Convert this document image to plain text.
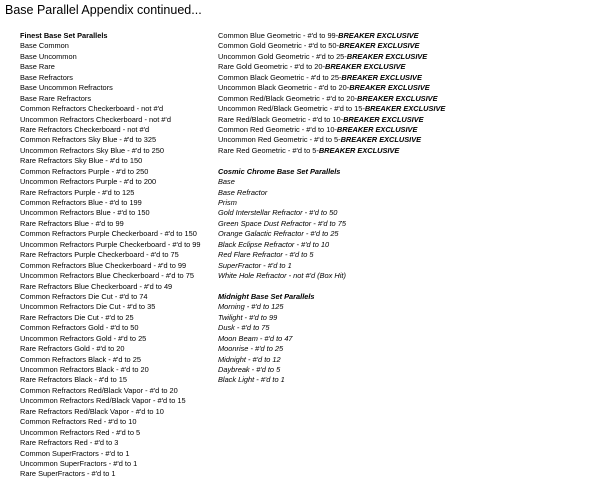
Base Parallel Appendix continued...
Finest Base Set Parallels
Base Common
Base Uncommon
Base Rare
Base Refractors
Base Uncommon Refractors
Base Rare Refractors
Common Refractors Checkerboard - not #'d
Uncommon Refractors Checkerboard - not #'d
Rare Refractors Checkerboard - not #'d
Common Refractors Sky Blue - #'d to 325
Uncommon Refractors Sky Blue - #'d to 250
Rare Refractors Sky Blue - #'d to 150
Common Refractors Purple - #'d to 250
Uncommon Refractors Purple - #'d to 200
Rare Refractors Purple - #'d to 125
Common Refractors Blue - #'d to 199
Uncommon Refractors Blue - #'d to 150
Rare Refractors Blue - #'d to 99
Common Refractors Purple Checkerboard - #'d to 150
Uncommon Refractors Purple Checkerboard - #'d to 99
Rare Refractors Purple Checkerboard - #'d to 75
Common Refractors Blue Checkerboard - #'d to 99
Uncommon Refractors Blue Checkerboard - #'d to 75
Rare Refractors Blue Checkerboard - #'d to 49
Common Refractors Die Cut - #'d to 74
Uncommon Refractors Die Cut - #'d to 35
Rare Refractors Die Cut - #'d to 25
Common Refractors Gold - #'d to 50
Uncommon Refractors Gold - #'d to 25
Rare Refractors Gold - #'d to 20
Common Refractors Black - #'d to 25
Uncommon Refractors Black - #'d to 20
Rare Refractors Black - #'d to 15
Common Refractors Red/Black Vapor - #'d to 20
Uncommon Refractors Red/Black Vapor - #'d to 15
Rare Refractors Red/Black Vapor - #'d to 10
Common Refractors Red - #'d to 10
Uncommon Refractors Red - #'d to 5
Rare Refractors Red - #'d to 3
Common SuperFractors - #'d to 1
Uncommon SuperFractors - #'d to 1
Rare SuperFractors - #'d to 1
Common Blue Geometric - #'d to 99-BREAKER EXCLUSIVE
Common Gold Geometric - #'d to 50-BREAKER EXCLUSIVE
Uncommon Gold Geometric - #'d to 25-BREAKER EXCLUSIVE
Rare Gold Geometric - #'d to 20-BREAKER EXCLUSIVE
Common Black Geometric - #'d to 25-BREAKER EXCLUSIVE
Uncommon Black Geometric - #'d to 20-BREAKER EXCLUSIVE
Common Red/Black Geometric - #'d to 20-BREAKER EXCLUSIVE
Uncommon Red/Black Geometric - #'d to 15-BREAKER EXCLUSIVE
Rare Red/Black Geometric - #'d to 10-BREAKER EXCLUSIVE
Common Red Geometric - #'d to 10-BREAKER EXCLUSIVE
Uncommon Red Geometric - #'d to 5-BREAKER EXCLUSIVE
Rare Red Geometric - #'d to 5-BREAKER EXCLUSIVE
Cosmic Chrome Base Set Parallels
Base
Base Refractor
Prism
Gold Interstellar Refractor - #'d to 50
Green Space Dust Refractor - #'d to 75
Orange Galactic Refractor - #'d to 25
Black Eclipse Refractor - #'d to 10
Red Flare Refractor - #'d to 5
SuperFractor - #'d to 1
White Hole Refractor - not #'d (Box Hit)
Midnight Base Set Parallels
Morning - #'d to 125
Twilight - #'d to 99
Dusk - #'d to 75
Moon Beam - #'d to 47
Moonrise - #'d to 25
Midnight - #'d to 12
Daybreak - #'d to 5
Black Light - #'d to 1
